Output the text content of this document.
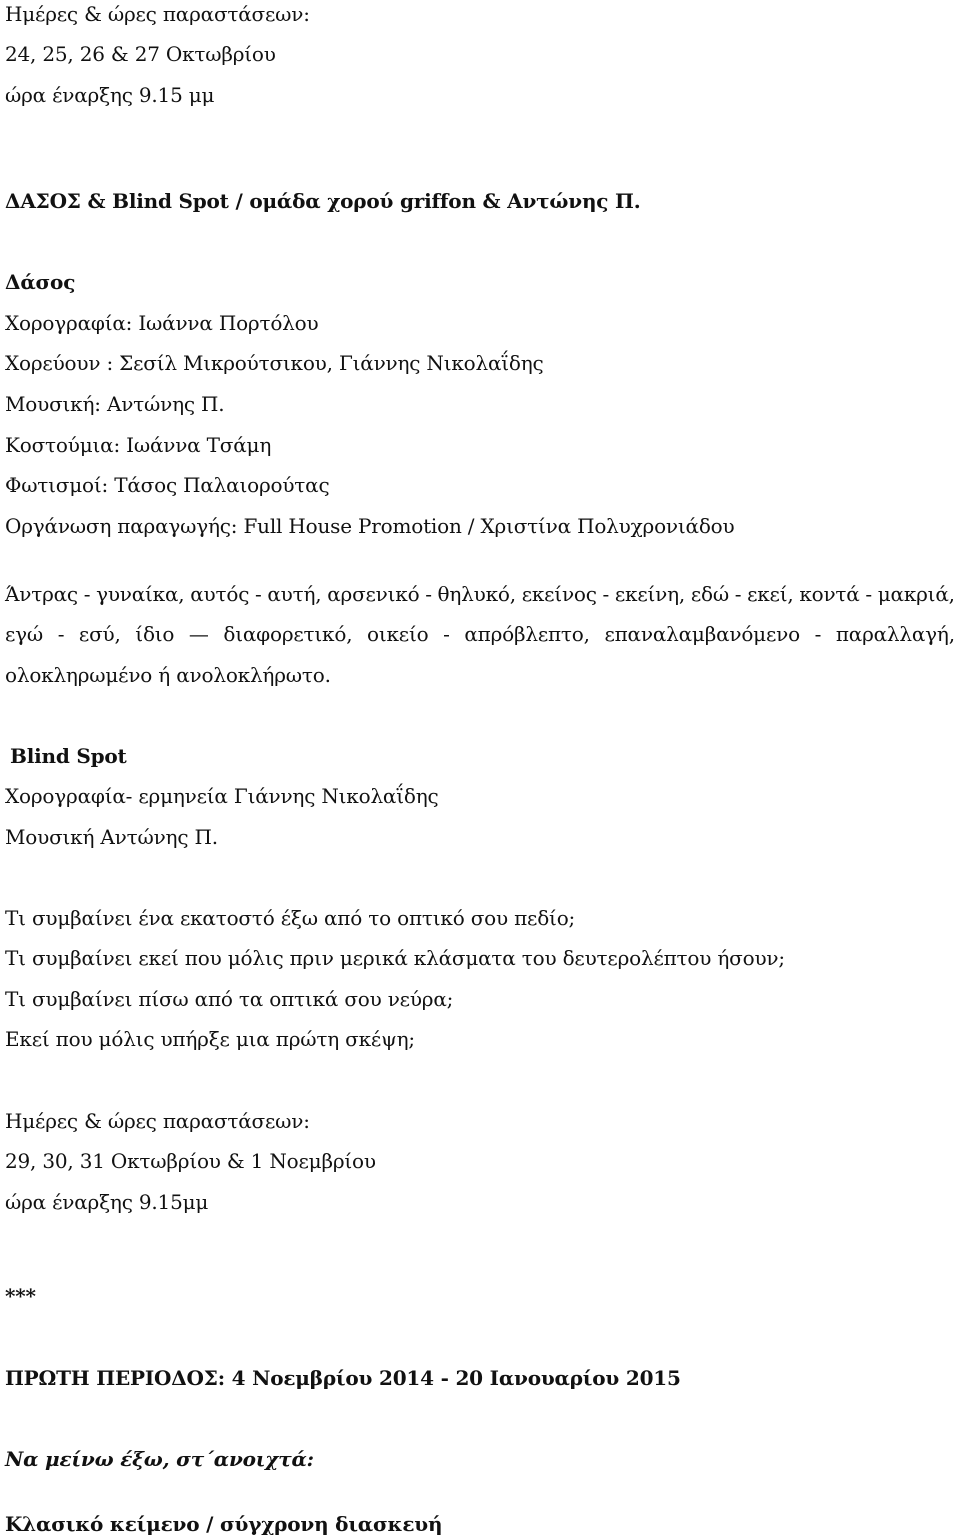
Ημέρες & ώρες παραστάσεων:
24, 25, 26 & 27 Οκτωβρίου
ώρα έναρξης 9.15 μμ
ΔΑΣΟΣ & Blind Spot / ομάδα χορού griffon & Αντώνης Π.
Δάσος
Χορογραφία: Ιωάννα Πορτόλου
Χορεύουν : Σεσίλ Μικρούτσικου, Γιάννης Νικολαΐδης
Μουσική: Αντώνης Π.
Κοστούμια: Ιωάννα Τσάμη
Φωτισμοί: Τάσος Παλαιορούτας
Οργάνωση παραγωγής: Full House Promotion / Χριστίνα Πολυχρονιάδου
Άντρας - γυναίκα, αυτός - αυτή, αρσενικό - θηλυκό, εκείνος - εκείνη, εδώ - εκεί, κοντά - μακριά,
εγώ - εσύ, ίδιο — διαφορετικό, οικείο - απρόβλεπτο, επαναλαμβανόμενο - παραλλαγή,
ολοκληρωμένο ή ανολοκλήρωτο.
Blind Spot
Χορογραφία- ερμηνεία Γιάννης Νικολαΐδης
Μουσική Αντώνης Π.
Τι συμβαίνει ένα εκατοστό έξω από το οπτικό σου πεδίο;
Τι συμβαίνει εκεί που μόλις πριν μερικά κλάσματα του δευτερολέπτου ήσουν;
Τι συμβαίνει πίσω από τα οπτικά σου νεύρα;
Εκεί που μόλις υπήρξε μια πρώτη σκέψη;
Ημέρες & ώρες παραστάσεων:
29, 30, 31 Οκτωβρίου & 1 Νοεμβρίου
ώρα έναρξης 9.15μμ
***
ΠΡΩΤΗ ΠΕΡΙΟΔΟΣ: 4 Νοεμβρίου 2014 - 20 Ιανουαρίου 2015
Να μείνω έξω, στ΄ανοιχτά:
Κλασικό κείμενο / σύγχρονη διασκευή
